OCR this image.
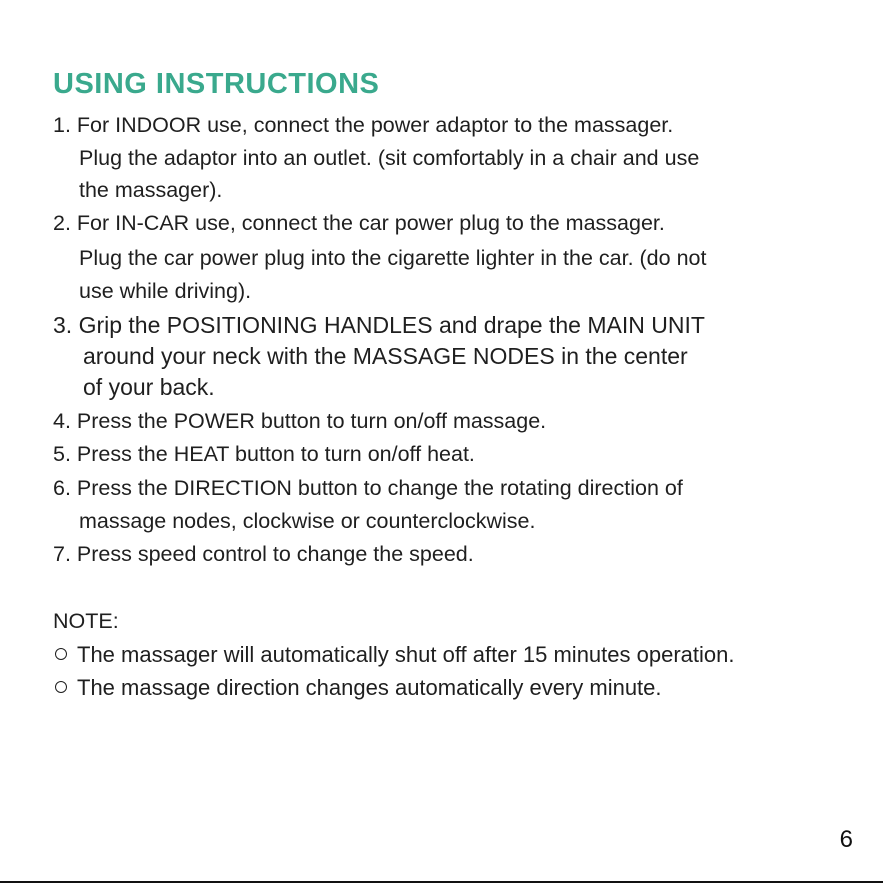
USING INSTRUCTIONS
1. For INDOOR use, connect the power adaptor to the massager.
Plug the adaptor into an outlet. (sit comfortably in a chair and use
the massager).
2. For IN-CAR use, connect the car power plug to the massager.
Plug the car power plug into the cigarette lighter in the car. (do not
use while driving).
3. Grip the POSITIONING HANDLES and drape the MAIN UNIT
around your neck with the MASSAGE NODES in the center
of your back.
4. Press the POWER button to turn on/off massage.
5. Press the HEAT button to turn on/off heat.
6. Press the DIRECTION button to change the rotating direction of
massage nodes, clockwise or counterclockwise.
7. Press speed control to change the speed.
NOTE:
The massager will automatically shut off after 15 minutes operation.
The massage direction changes automatically every minute.
6
